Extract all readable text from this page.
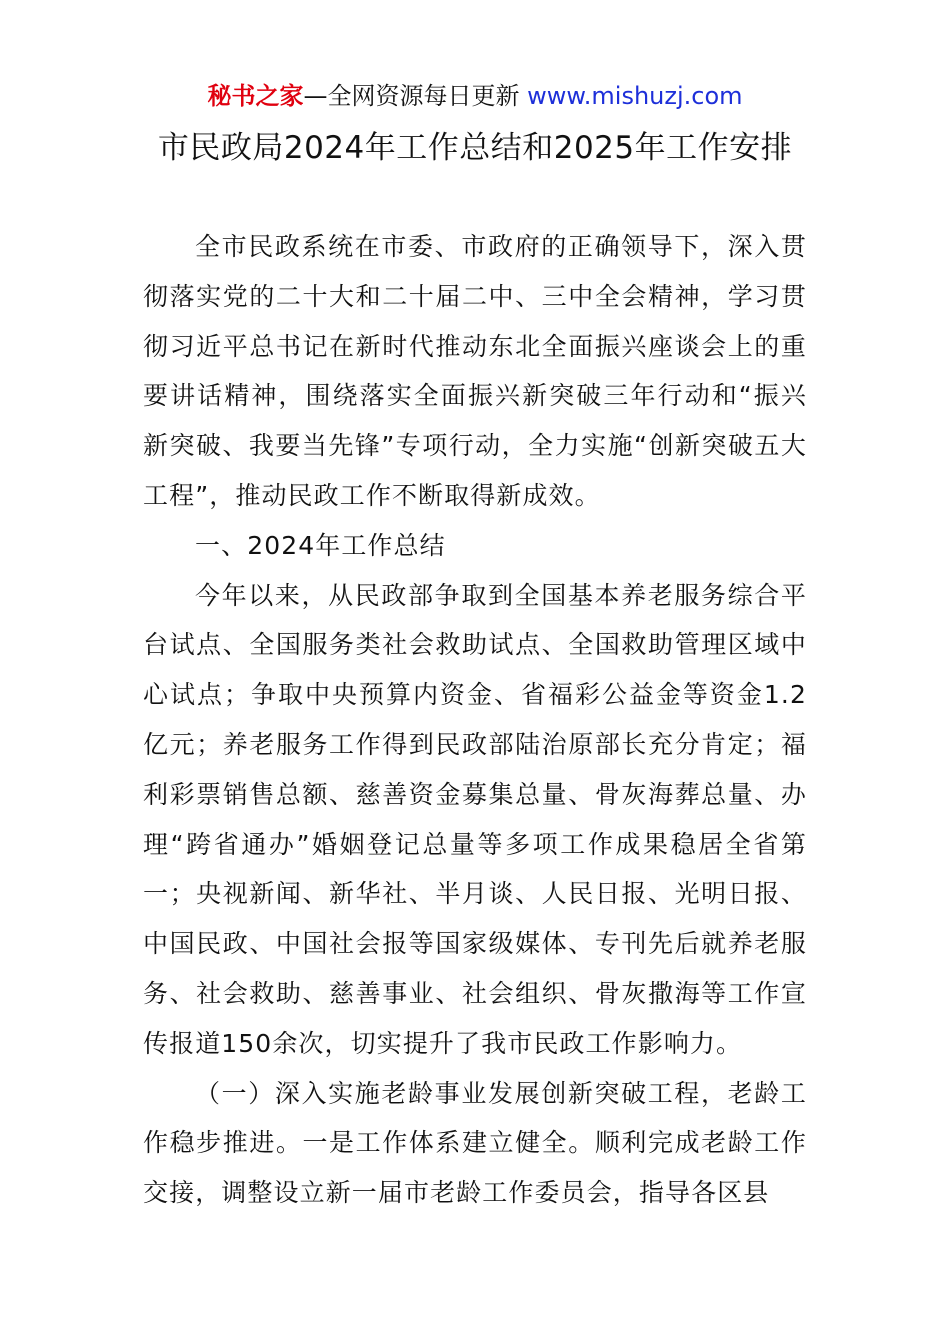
秘书之家—全网资源每日更新 www.mishuzj.com
市民政局2024年工作总结和2025年工作安排

全市民政系统在市委、市政府的正确领导下，深入贯彻落实党的二十大和二十届二中、三中全会精神，学习贯彻习近平总书记在新时代推动东北全面振兴座谈会上的重要讲话精神，围绕落实全面振兴新突破三年行动和“振兴新突破、我要当先锋”专项行动，全力实施“创新突破五大工程”，推动民政工作不断取得新成效。

一、2024年工作总结

今年以来，从民政部争取到全国基本养老服务综合平台试点、全国服务类社会救助试点、全国救助管理区域中心试点；争取中央预算内资金、省福彩公益金等资金1.2亿元；养老服务工作得到民政部陆治原部长充分肯定；福利彩票销售总额、慈善资金募集总量、骨灰海葬总量、办理“跨省通办”婚姻登记总量等多项工作成果稳居全省第一；央视新闻、新华社、半月谈、人民日报、光明日报、中国民政、中国社会报等国家级媒体、专刊先后就养老服务、社会救助、慈善事业、社会组织、骨灰撒海等工作宣传报道150余次，切实提升了我市民政工作影响力。

（一）深入实施老龄事业发展创新突破工程，老龄工作稳步推进。一是工作体系建立健全。顺利完成老龄工作交接，调整设立新一届市老龄工作委员会，指导各区县
